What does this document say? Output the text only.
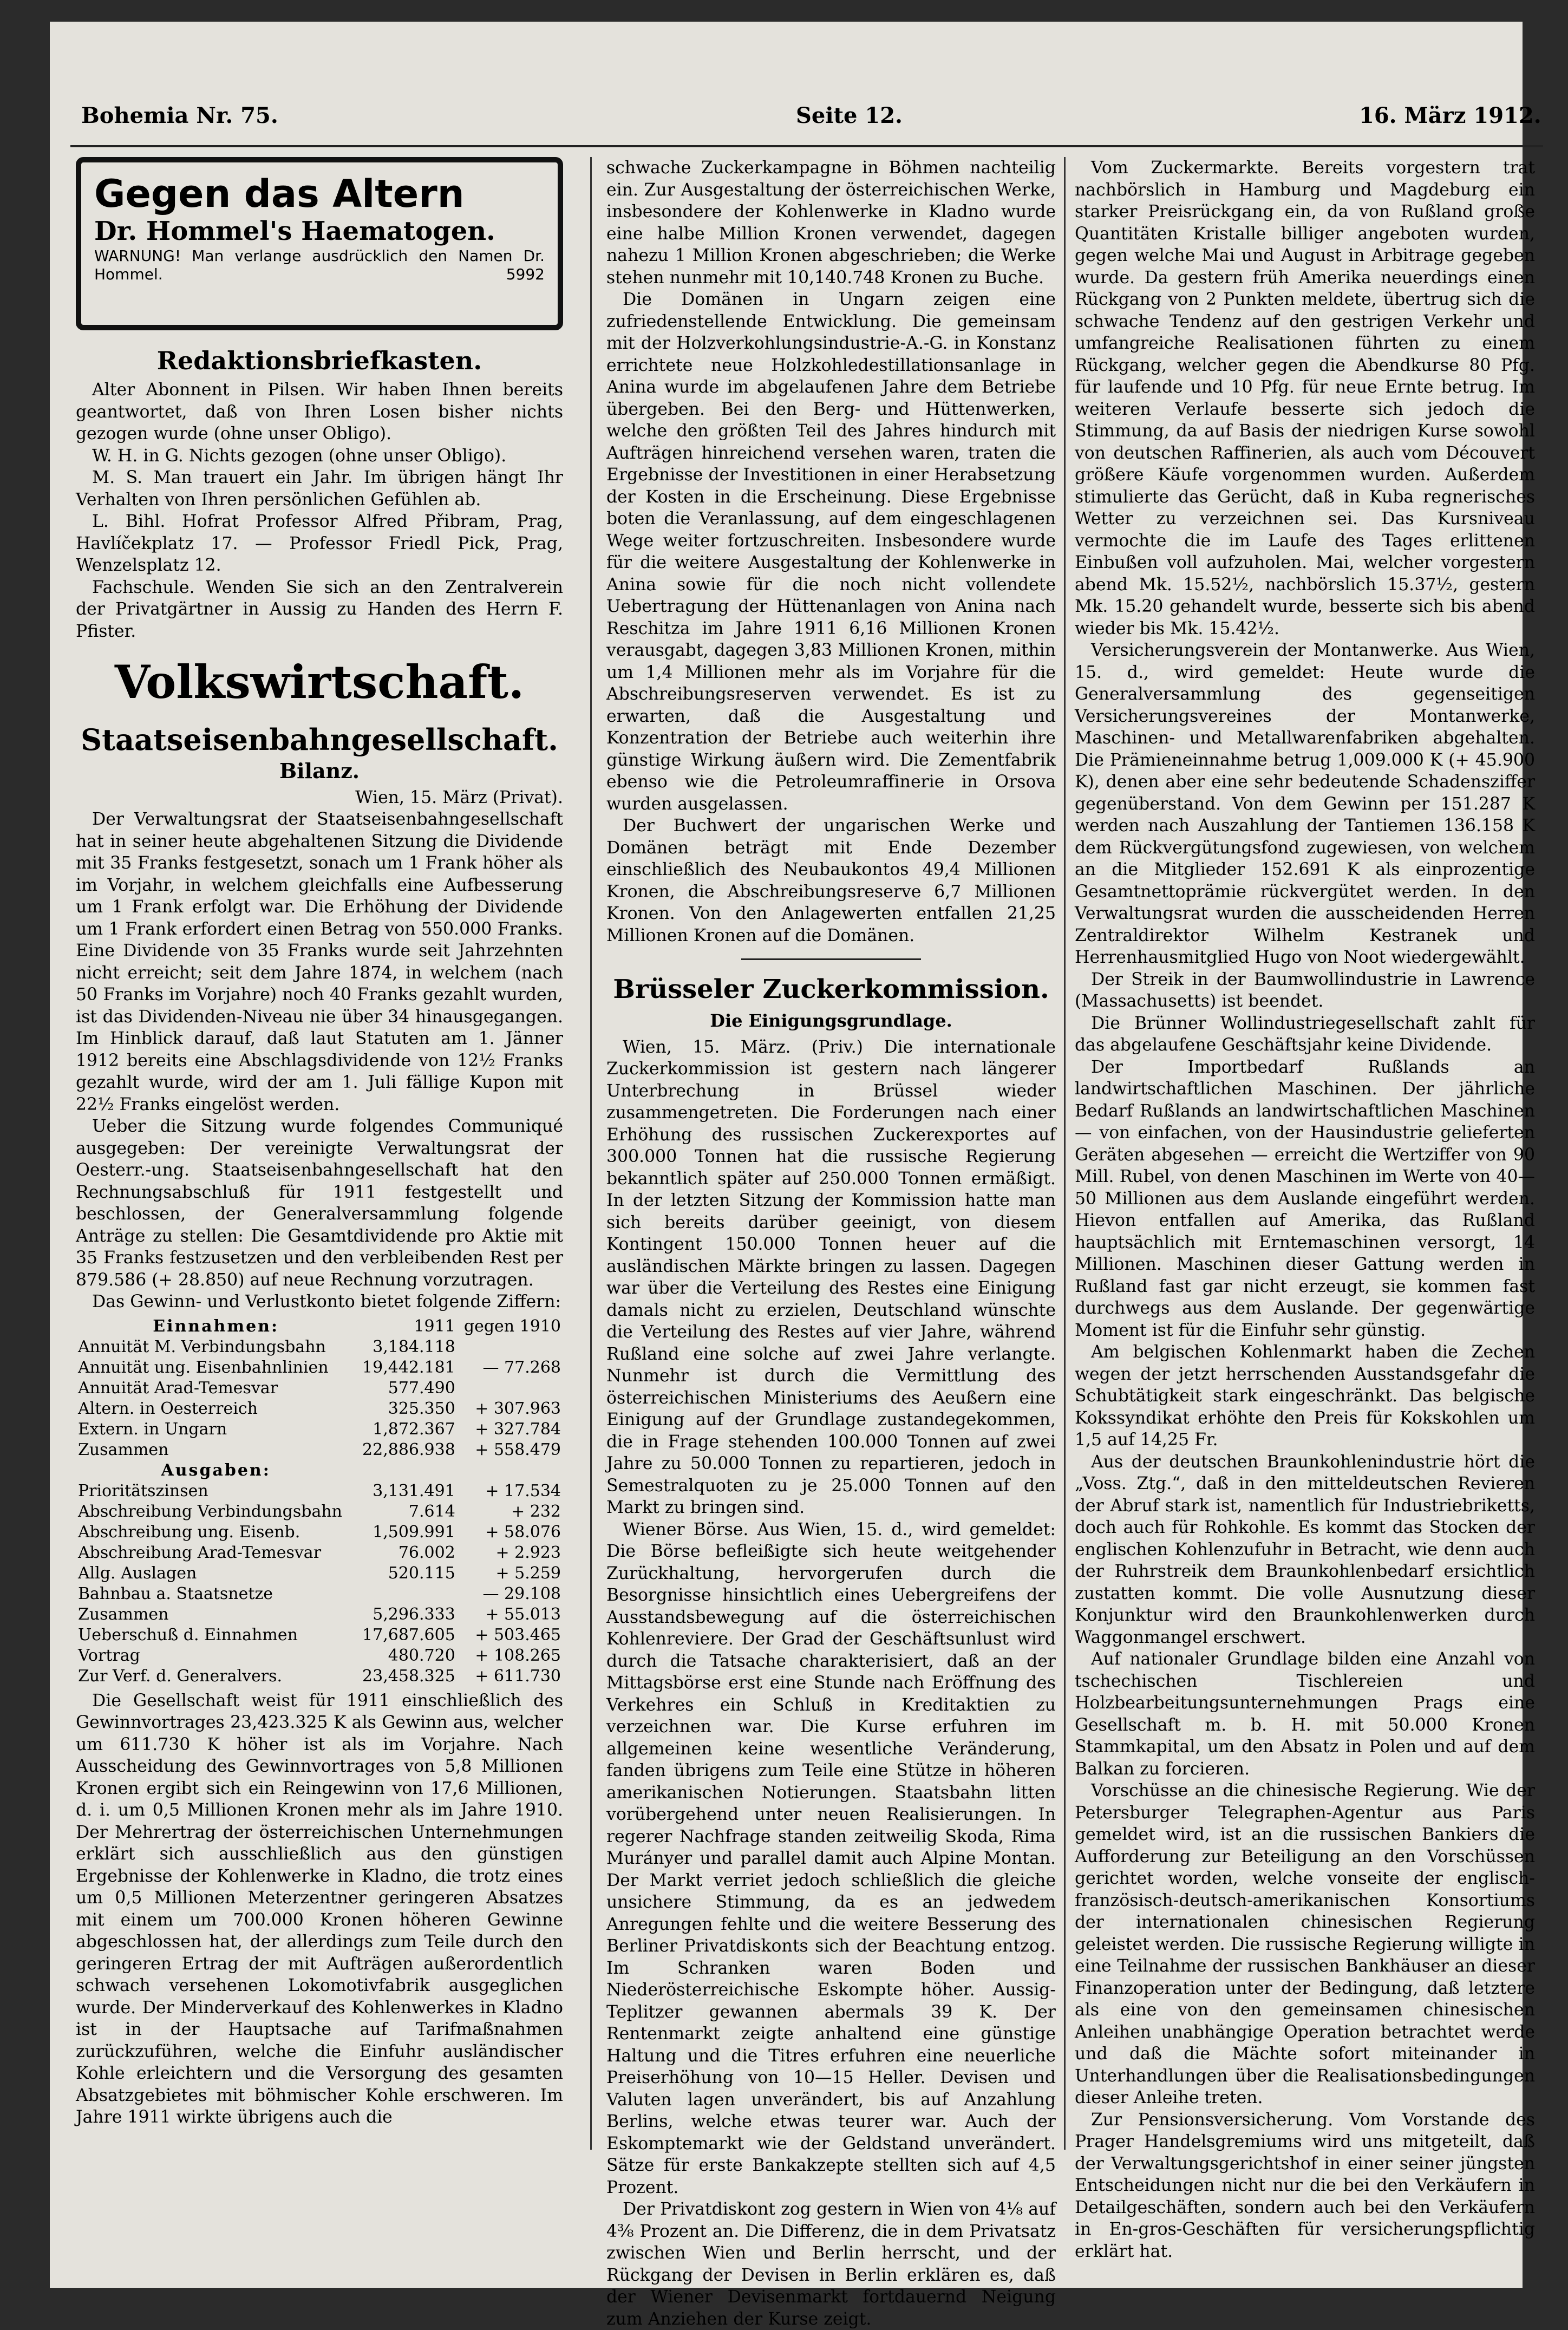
Bohemia Nr. 75.	Seite 12.	16. März 1912.
Gegen das Altern
Dr. Hommel's Haematogen.
WARNUNG! Man verlange ausdrücklich den Namen Dr. Hommel.	5992
Redaktionsbriefkasten.

Alter Abonnent in Pilsen. Wir haben Ihnen bereits geantwortet, daß von Ihren Losen bisher nichts gezogen wurde (ohne unser Obligo).

W. H. in G. Nichts gezogen (ohne unser Obligo).

M. S. Man trauert ein Jahr. Im übrigen hängt Ihr Verhalten von Ihren persönlichen Gefühlen ab.

L. Bihl. Hofrat Professor Alfred Přibram, Prag, Havlíčekplatz 17. — Professor Friedl Pick, Prag, Wenzelsplatz 12.

Fachschule. Wenden Sie sich an den Zentralverein der Privatgärtner in Aussig zu Handen des Herrn F. Pfister.

Volkswirtschaft.
Staatseisenbahngesellschaft.
Bilanz.

Wien, 15. März (Privat).

Der Verwaltungsrat der Staatseisenbahngesellschaft hat in seiner heute abgehaltenen Sitzung die Dividende mit 35 Franks festgesetzt, sonach um 1 Frank höher als im Vorjahr, in welchem gleichfalls eine Aufbesserung um 1 Frank erfolgt war. Die Erhöhung der Dividende um 1 Frank erfordert einen Betrag von 550.000 Franks. Eine Dividende von 35 Franks wurde seit Jahrzehnten nicht erreicht; seit dem Jahre 1874, in welchem (nach 50 Franks im Vorjahre) noch 40 Franks gezahlt wurden, ist das Dividenden-Niveau nie über 34 hinausgegangen. Im Hinblick darauf, daß laut Statuten am 1. Jänner 1912 bereits eine Abschlagsdividende von 12½ Franks gezahlt wurde, wird der am 1. Juli fällige Kupon mit 22½ Franks eingelöst werden.

Ueber die Sitzung wurde folgendes Communiqué ausgegeben: Der vereinigte Verwaltungsrat der Oesterr.-ung. Staatseisenbahngesellschaft hat den Rechnungsabschluß für 1911 festgestellt und beschlossen, der Generalversammlung folgende Anträge zu stellen: Die Gesamtdividende pro Aktie mit 35 Franks festzusetzen und den verbleibenden Rest per 879.586 (+ 28.850) auf neue Rechnung vorzutragen.

Das Gewinn- und Verlustkonto bietet folgende Ziffern:

Einnahmen:	1911	gegen 1910
Annuität M. Verbindungsbahn	3,184.118	
Annuität ung. Eisenbahnlinien	19,442.181	— 77.268
Annuität Arad-Temesvar	577.490	
Altern. in Oesterreich	325.350	+ 307.963
Extern. in Ungarn	1,872.367	+ 327.784
Zusammen	22,886.938	+ 558.479
Ausgaben:		
Prioritätszinsen	3,131.491	+ 17.534
Abschreibung Verbindungsbahn	7.614	+ 232
Abschreibung ung. Eisenb.	1,509.991	+ 58.076
Abschreibung Arad-Temesvar	76.002	+ 2.923
Allg. Auslagen	520.115	+ 5.259
Bahnbau a. Staatsnetze		— 29.108
Zusammen	5,296.333	+ 55.013
Ueberschuß d. Einnahmen	17,687.605	+ 503.465
Vortrag	480.720	+ 108.265
Zur Verf. d. Generalvers.	23,458.325	+ 611.730

Die Gesellschaft weist für 1911 einschließlich des Gewinnvortrages 23,423.325 K als Gewinn aus, welcher um 611.730 K höher ist als im Vorjahre. Nach Ausscheidung des Gewinnvortrages von 5,8 Millionen Kronen ergibt sich ein Reingewinn von 17,6 Millionen, d. i. um 0,5 Millionen Kronen mehr als im Jahre 1910. Der Mehrertrag der österreichischen Unternehmungen erklärt sich ausschließlich aus den günstigen Ergebnisse der Kohlenwerke in Kladno, die trotz eines um 0,5 Millionen Meterzentner geringeren Absatzes mit einem um 700.000 Kronen höheren Gewinne abgeschlossen hat, der allerdings zum Teile durch den geringeren Ertrag der mit Aufträgen außerordentlich schwach versehenen Lokomotivfabrik ausgeglichen wurde. Der Minderverkauf des Kohlenwerkes in Kladno ist in der Hauptsache auf Tarifmaßnahmen zurückzuführen, welche die Einfuhr ausländischer Kohle erleichtern und die Versorgung des gesamten Absatzgebietes mit böhmischer Kohle erschweren. Im Jahre 1911 wirkte übrigens auch die

schwache Zuckerkampagne in Böhmen nachteilig ein. Zur Ausgestaltung der österreichischen Werke, insbesondere der Kohlenwerke in Kladno wurde eine halbe Million Kronen verwendet, dagegen nahezu 1 Million Kronen abgeschrieben; die Werke stehen nunmehr mit 10,140.748 Kronen zu Buche.

Die Domänen in Ungarn zeigen eine zufriedenstellende Entwicklung. Die gemeinsam mit der Holzverkohlungsindustrie-A.-G. in Konstanz errichtete neue Holzkohledestillationsanlage in Anina wurde im abgelaufenen Jahre dem Betriebe übergeben. Bei den Berg- und Hüttenwerken, welche den größten Teil des Jahres hindurch mit Aufträgen hinreichend versehen waren, traten die Ergebnisse der Investitionen in einer Herabsetzung der Kosten in die Erscheinung. Diese Ergebnisse boten die Veranlassung, auf dem eingeschlagenen Wege weiter fortzuschreiten. Insbesondere wurde für die weitere Ausgestaltung der Kohlenwerke in Anina sowie für die noch nicht vollendete Uebertragung der Hüttenanlagen von Anina nach Reschitza im Jahre 1911 6,16 Millionen Kronen verausgabt, dagegen 3,83 Millionen Kronen, mithin um 1,4 Millionen mehr als im Vorjahre für die Abschreibungsreserven verwendet. Es ist zu erwarten, daß die Ausgestaltung und Konzentration der Betriebe auch weiterhin ihre günstige Wirkung äußern wird. Die Zementfabrik ebenso wie die Petroleumraffinerie in Orsova wurden ausgelassen.

Der Buchwert der ungarischen Werke und Domänen beträgt mit Ende Dezember einschließlich des Neubaukontos 49,4 Millionen Kronen, die Abschreibungsreserve 6,7 Millionen Kronen. Von den Anlagewerten entfallen 21,25 Millionen Kronen auf die Domänen.

Brüsseler Zuckerkommission.
Die Einigungsgrundlage.

Wien, 15. März. (Priv.) Die internationale Zuckerkommission ist gestern nach längerer Unterbrechung in Brüssel wieder zusammengetreten. Die Forderungen nach einer Erhöhung des russischen Zuckerexportes auf 300.000 Tonnen hat die russische Regierung bekanntlich später auf 250.000 Tonnen ermäßigt. In der letzten Sitzung der Kommission hatte man sich bereits darüber geeinigt, von diesem Kontingent 150.000 Tonnen heuer auf die ausländischen Märkte bringen zu lassen. Dagegen war über die Verteilung des Restes eine Einigung damals nicht zu erzielen, Deutschland wünschte die Verteilung des Restes auf vier Jahre, während Rußland eine solche auf zwei Jahre verlangte. Nunmehr ist durch die Vermittlung des österreichischen Ministeriums des Aeußern eine Einigung auf der Grundlage zustandegekommen, die in Frage stehenden 100.000 Tonnen auf zwei Jahre zu 50.000 Tonnen zu repartieren, jedoch in Semestralquoten zu je 25.000 Tonnen auf den Markt zu bringen sind.

Wiener Börse. Aus Wien, 15. d., wird gemeldet: Die Börse befleißigte sich heute weitgehender Zurückhaltung, hervorgerufen durch die Besorgnisse hinsichtlich eines Uebergreifens der Ausstandsbewegung auf die österreichischen Kohlenreviere. Der Grad der Geschäftsunlust wird durch die Tatsache charakterisiert, daß an der Mittagsbörse erst eine Stunde nach Eröffnung des Verkehres ein Schluß in Kreditaktien zu verzeichnen war. Die Kurse erfuhren im allgemeinen keine wesentliche Veränderung, fanden übrigens zum Teile eine Stütze in höheren amerikanischen Notierungen. Staatsbahn litten vorübergehend unter neuen Realisierungen. In regerer Nachfrage standen zeitweilig Skoda, Rima Murányer und parallel damit auch Alpine Montan. Der Markt verriet jedoch schließlich die gleiche unsichere Stimmung, da es an jedwedem Anregungen fehlte und die weitere Besserung des Berliner Privatdiskonts sich der Beachtung entzog. Im Schranken waren Boden und Niederösterreichische Eskompte höher. Aussig-Teplitzer gewannen abermals 39 K. Der Rentenmarkt zeigte anhaltend eine günstige Haltung und die Titres erfuhren eine neuerliche Preiserhöhung von 10—15 Heller. Devisen und Valuten lagen unverändert, bis auf Anzahlung Berlins, welche etwas teurer war. Auch der Eskomptemarkt wie der Geldstand unverändert. Sätze für erste Bankakzepte stellten sich auf 4,5 Prozent.

Der Privatdiskont zog gestern in Wien von 4⅛ auf 4⅜ Prozent an. Die Differenz, die in dem Privatsatz zwischen Wien und Berlin herrscht, und der Rückgang der Devisen in Berlin erklären es, daß der Wiener Devisenmarkt fortdauernd Neigung zum Anziehen der Kurse zeigt.

Vom Zuckermarkte. Bereits vorgestern trat nachbörslich in Hamburg und Magdeburg ein starker Preisrückgang ein, da von Rußland große Quantitäten Kristalle billiger angeboten wurden, gegen welche Mai und August in Arbitrage gegeben wurde. Da gestern früh Amerika neuerdings einen Rückgang von 2 Punkten meldete, übertrug sich die schwache Tendenz auf den gestrigen Verkehr und umfangreiche Realisationen führten zu einem Rückgang, welcher gegen die Abendkurse 80 Pfg. für laufende und 10 Pfg. für neue Ernte betrug. Im weiteren Verlaufe besserte sich jedoch die Stimmung, da auf Basis der niedrigen Kurse sowohl von deutschen Raffinerien, als auch vom Découvert größere Käufe vorgenommen wurden. Außerdem stimulierte das Gerücht, daß in Kuba regnerisches Wetter zu verzeichnen sei. Das Kursniveau vermochte die im Laufe des Tages erlittenen Einbußen voll aufzuholen. Mai, welcher vorgestern abend Mk. 15.52½, nachbörslich 15.37½, gestern Mk. 15.20 gehandelt wurde, besserte sich bis abend wieder bis Mk. 15.42½.

Versicherungsverein der Montanwerke. Aus Wien, 15. d., wird gemeldet: Heute wurde die Generalversammlung des gegenseitigen Versicherungsvereines der Montanwerke, Maschinen- und Metallwarenfabriken abgehalten. Die Prämieneinnahme betrug 1,009.000 K (+ 45.900 K), denen aber eine sehr bedeutende Schadensziffer gegenüberstand. Von dem Gewinn per 151.287 K werden nach Auszahlung der Tantiemen 136.158 K dem Rückvergütungsfond zugewiesen, von welchem an die Mitglieder 152.691 K als einprozentige Gesamtnettoprämie rückvergütet werden. In den Verwaltungsrat wurden die ausscheidenden Herren Zentraldirektor Wilhelm Kestranek und Herrenhausmitglied Hugo von Noot wiedergewählt.

Der Streik in der Baumwollindustrie in Lawrence (Massachusetts) ist beendet.

Die Brünner Wollindustriegesellschaft zahlt für das abgelaufene Geschäftsjahr keine Dividende.

Der Importbedarf Rußlands an landwirtschaftlichen Maschinen. Der jährliche Bedarf Rußlands an landwirtschaftlichen Maschinen — von einfachen, von der Hausindustrie gelieferten Geräten abgesehen — erreicht die Wertziffer von 90 Mill. Rubel, von denen Maschinen im Werte von 40—50 Millionen aus dem Auslande eingeführt werden. Hievon entfallen auf Amerika, das Rußland hauptsächlich mit Erntemaschinen versorgt, 14 Millionen. Maschinen dieser Gattung werden in Rußland fast gar nicht erzeugt, sie kommen fast durchwegs aus dem Auslande. Der gegenwärtige Moment ist für die Einfuhr sehr günstig.

Am belgischen Kohlenmarkt haben die Zechen wegen der jetzt herrschenden Ausstandsgefahr die Schubtätigkeit stark eingeschränkt. Das belgische Kokssyndikat erhöhte den Preis für Kokskohlen um 1,5 auf 14,25 Fr.

Aus der deutschen Braunkohlenindustrie hört die „Voss. Ztg.“, daß in den mitteldeutschen Revieren der Abruf stark ist, namentlich für Industriebriketts, doch auch für Rohkohle. Es kommt das Stocken der englischen Kohlenzufuhr in Betracht, wie denn auch der Ruhrstreik dem Braunkohlenbedarf ersichtlich zustatten kommt. Die volle Ausnutzung dieser Konjunktur wird den Braunkohlenwerken durch Waggonmangel erschwert.

Auf nationaler Grundlage bilden eine Anzahl von tschechischen Tischlereien und Holzbearbeitungsunternehmungen Prags eine Gesellschaft m. b. H. mit 50.000 Kronen Stammkapital, um den Absatz in Polen und auf dem Balkan zu forcieren.

Vorschüsse an die chinesische Regierung. Wie der Petersburger Telegraphen-Agentur aus Paris gemeldet wird, ist an die russischen Bankiers die Aufforderung zur Beteiligung an den Vorschüssen gerichtet worden, welche vonseite der englisch-französisch-deutsch-amerikanischen Konsortiums der internationalen chinesischen Regierung geleistet werden. Die russische Regierung willigte in eine Teilnahme der russischen Bankhäuser an dieser Finanzoperation unter der Bedingung, daß letztere als eine von den gemeinsamen chinesischen Anleihen unabhängige Operation betrachtet werde und daß die Mächte sofort miteinander in Unterhandlungen über die Realisationsbedingungen dieser Anleihe treten.

Zur Pensionsversicherung. Vom Vorstande des Prager Handelsgremiums wird uns mitgeteilt, daß der Verwaltungsgerichtshof in einer seiner jüngsten Entscheidungen nicht nur die bei den Verkäufern in Detailgeschäften, sondern auch bei den Verkäufern in En-gros-Geschäften für versicherungspflichtig erklärt hat.
